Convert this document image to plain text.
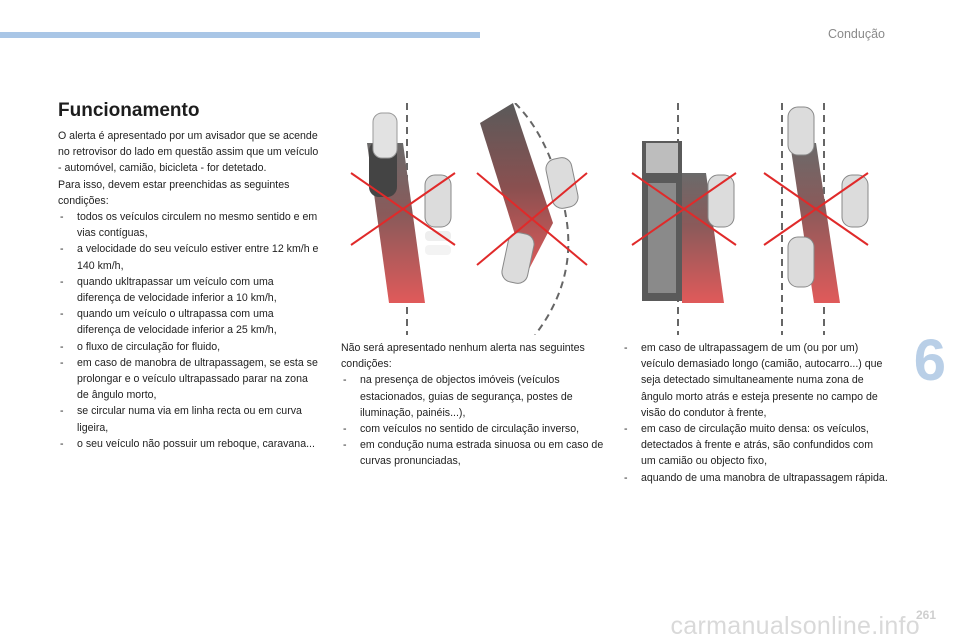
Condução
6
Funcionamento

O alerta é apresentado por um avisador que se acende no retrovisor do lado em questão assim que um veículo - automóvel, camião, bicicleta - for detetado.

Para isso, devem estar preenchidas as seguintes condições:

- todos os veículos circulem no mesmo sentido e em vias contíguas,
- a velocidade do seu veículo estiver entre 12 km/h e 140 km/h,
- quando ukltrapassar um veículo com uma diferença de velocidade inferior a 10 km/h,
- quando um veículo o ultrapassa com uma diferença de velocidade inferior a 25 km/h,
- o fluxo de circulação for fluido,
- em caso de manobra de ultrapassagem, se esta se prolongar e o veículo ultrapassado parar na zona de ângulo morto,
- se circular numa via em linha recta ou em curva ligeira,
- o seu veículo não possuir um reboque, caravana...

Não será apresentado nenhum alerta nas seguintes condições:

- na presença de objectos imóveis (veículos estacionados, guias de segurança, postes de iluminação, painéis...),
- com veículos no sentido de circulação inverso,
- em condução numa estrada sinuosa ou em caso de curvas pronunciadas,
- em caso de ultrapassagem de um (ou por um) veículo demasiado longo (camião, autocarro...) que seja detectado simultaneamente numa zona de ângulo morto atrás e esteja presente no campo de visão do condutor à frente,
- em caso de circulação muito densa: os veículos, detectados à frente e atrás, são confundidos com um camião ou objecto fixo,
- aquando de uma manobra de ultrapassagem rápida.
261
carmanualsonline.info
